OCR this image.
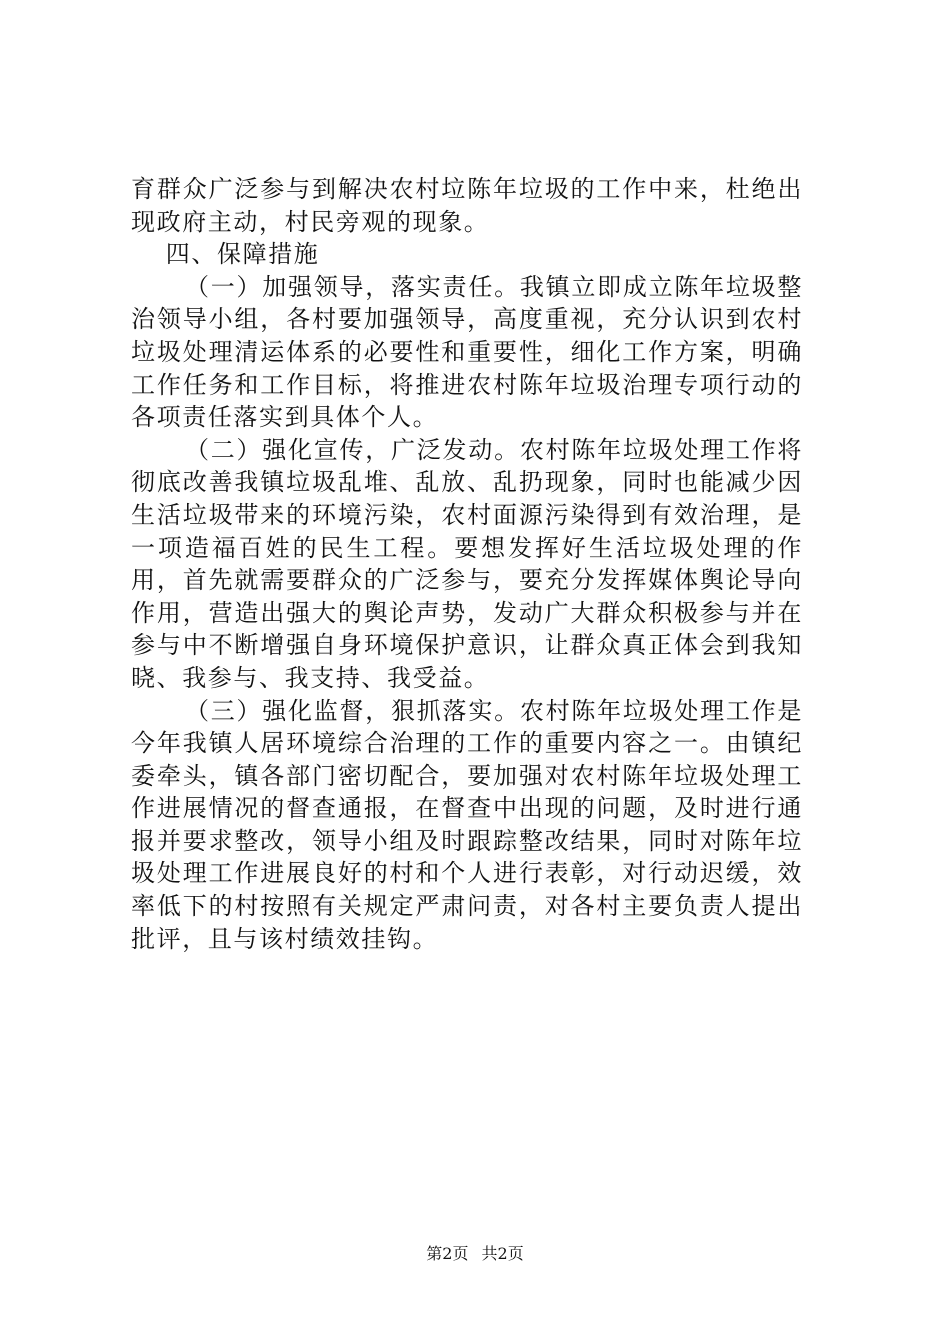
育群众广泛参与到解决农村垃陈年垃圾的工作中来，杜绝出现政府主动，村民旁观的现象。

四、保障措施

（一）加强领导，落实责任。我镇立即成立陈年垃圾整治领导小组，各村要加强领导，高度重视，充分认识到农村垃圾处理清运体系的必要性和重要性，细化工作方案，明确工作任务和工作目标，将推进农村陈年垃圾治理专项行动的各项责任落实到具体个人。

（二）强化宣传，广泛发动。农村陈年垃圾处理工作将彻底改善我镇垃圾乱堆、乱放、乱扔现象，同时也能减少因生活垃圾带来的环境污染，农村面源污染得到有效治理，是一项造福百姓的民生工程。要想发挥好生活垃圾处理的作用，首先就需要群众的广泛参与，要充分发挥媒体舆论导向作用，营造出强大的舆论声势，发动广大群众积极参与并在参与中不断增强自身环境保护意识，让群众真正体会到我知晓、我参与、我支持、我受益。

（三）强化监督，狠抓落实。农村陈年垃圾处理工作是今年我镇人居环境综合治理的工作的重要内容之一。由镇纪委牵头，镇各部门密切配合，要加强对农村陈年垃圾处理工作进展情况的督查通报，在督查中出现的问题，及时进行通报并要求整改，领导小组及时跟踪整改结果，同时对陈年垃圾处理工作进展良好的村和个人进行表彰，对行动迟缓，效率低下的村按照有关规定严肃问责，对各村主要负责人提出批评，且与该村绩效挂钩。

第2页 共2页
